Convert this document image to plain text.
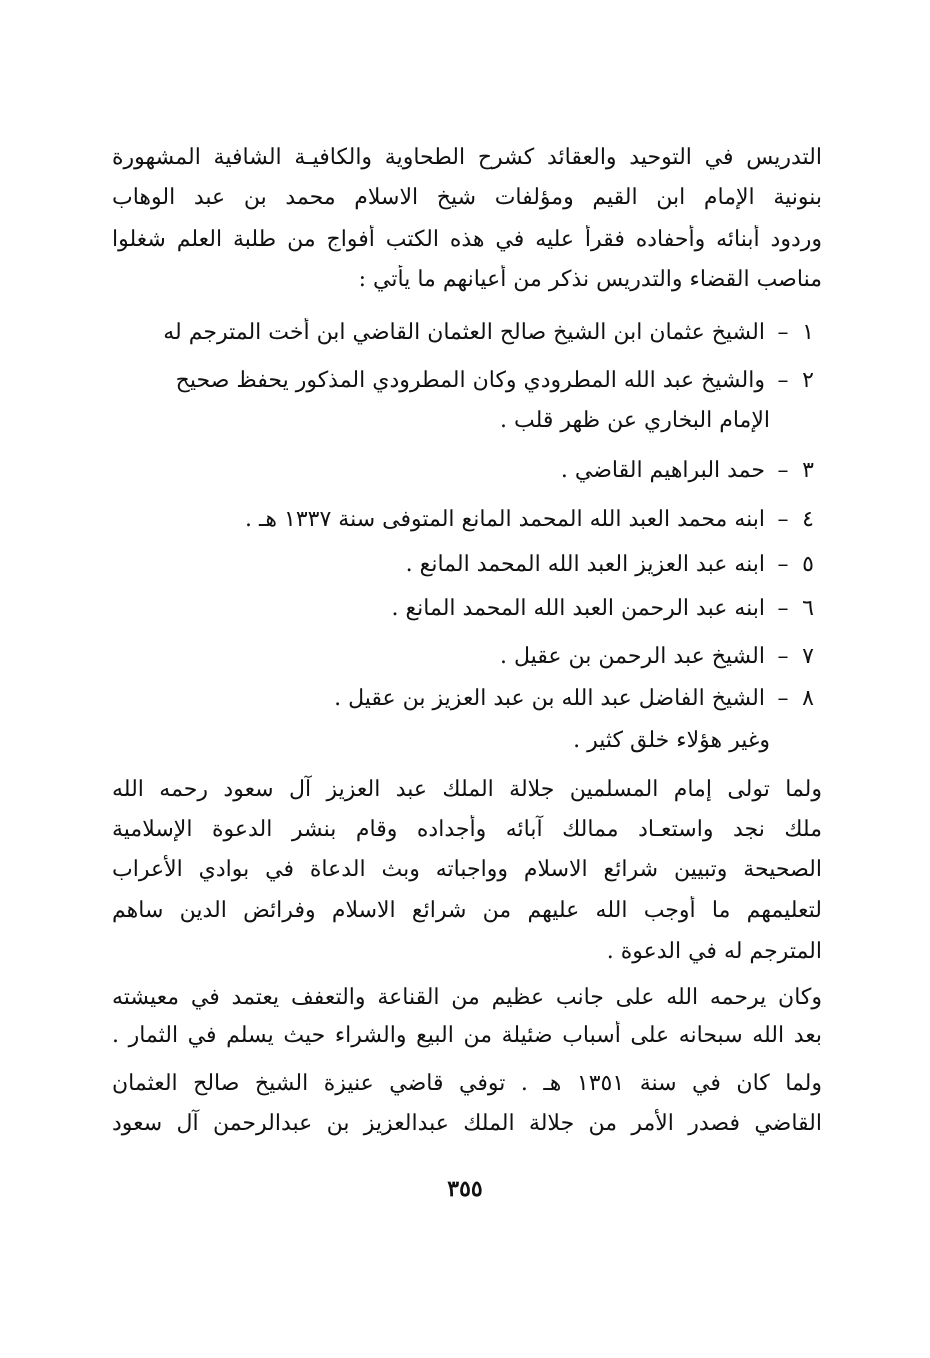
التدريس في التوحيد والعقائد كشرح الطحاوية والكافيـة الشافية المشهورة
بنونية الإمام ابن القيم ومؤلفات شيخ الاسلام محمد بن عبد الوهاب
وردود أبنائه وأحفاده فقرأ عليه في هذه الكتب أفواج من طلبة العلم شغلوا
مناصب القضاء والتدريس نذكر من أعيانهم ما يأتي :
١– الشيخ عثمان ابن الشيخ صالح العثمان القاضي ابن أخت المترجم له
٢– والشيخ عبد الله المطرودي وكان المطرودي المذكور يحفظ صحيح
الإمام البخاري عن ظهر قلب .
٣– حمد البراهيم القاضي .
٤– ابنه محمد العبد الله المحمد المانع المتوفى سنة ١٣٣٧ هـ .
٥– ابنه عبد العزيز العبد الله المحمد المانع .
٦– ابنه عبد الرحمن العبد الله المحمد المانع .
٧– الشيخ عبد الرحمن بن عقيل .
٨– الشيخ الفاضل عبد الله بن عبد العزيز بن عقيل .
وغير هؤلاء خلق كثير .
ولما تولى إمام المسلمين جلالة الملك عبد العزيز آل سعود رحمه الله
ملك نجد واستعـاد ممالك آبائه وأجداده وقام بنشر الدعوة الإسلامية
الصحيحة وتبيين شرائع الاسلام وواجباته وبث الدعاة في بوادي الأعراب
لتعليمهم ما أوجب الله عليهم من شرائع الاسلام وفرائض الدين ساهم
المترجم له في الدعوة .
وكان يرحمه الله على جانب عظيم من القناعة والتعفف يعتمد في معيشته
بعد الله سبحانه على أسباب ضئيلة من البيع والشراء حيث يسلم في الثمار .
ولما كان في سنة ١٣٥١ هـ . توفي قاضي عنيزة الشيخ صالح العثمان
القاضي فصدر الأمر من جلالة الملك عبدالعزيز بن عبدالرحمن آل سعود
٣٥٥
